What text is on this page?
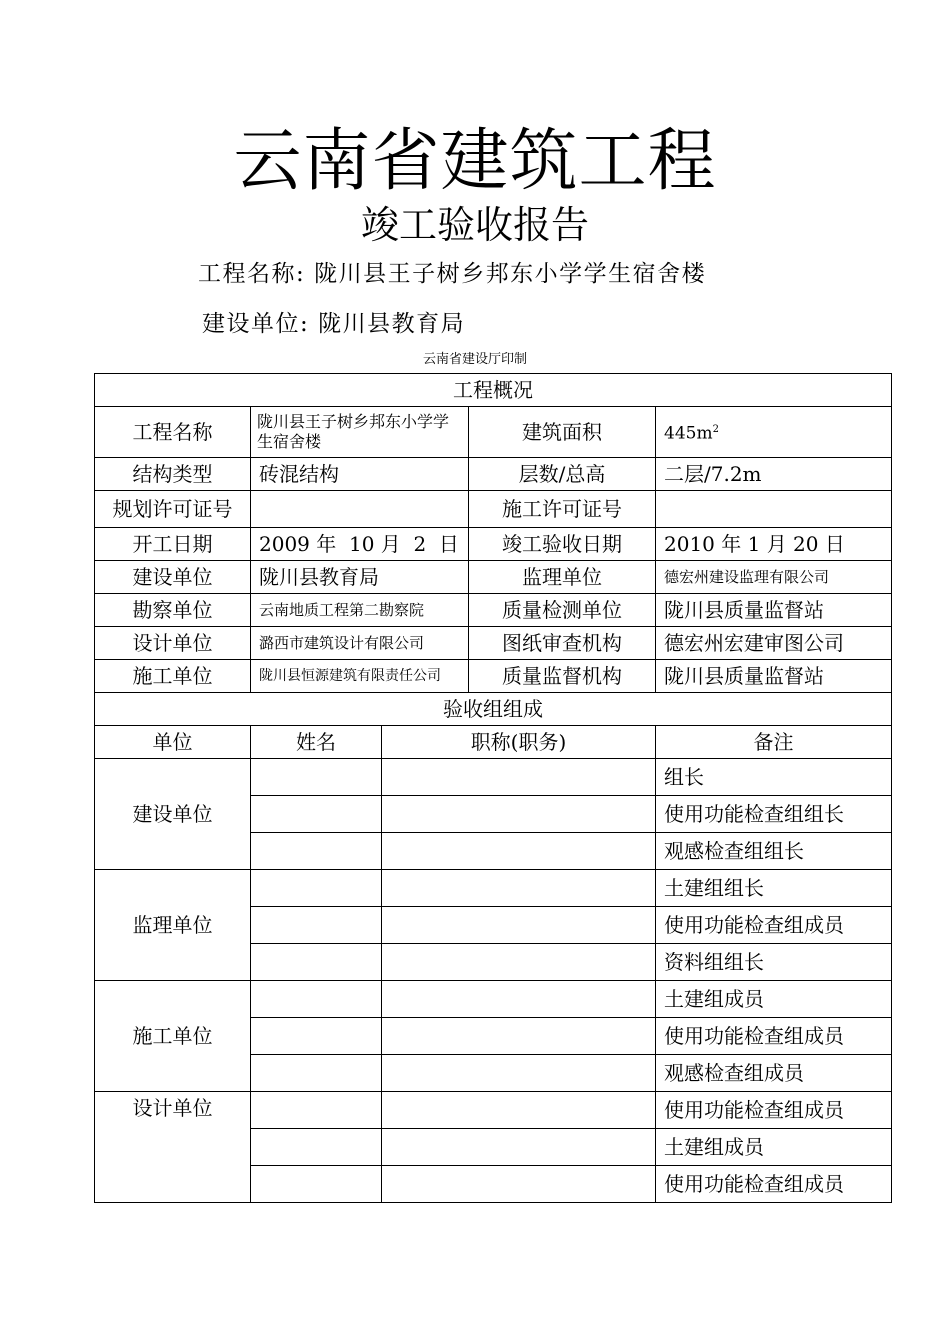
云南省建筑工程
竣工验收报告
工程名称: 陇川县王子树乡邦东小学学生宿舍楼
建设单位: 陇川县教育局
云南省建设厅印制
工程概况				
工程名称	陇川县王子树乡邦东小学学生宿舍楼		建筑面积	$445m^2$
结构类型	砖混结构		层数/总高	二层/7.2m
规划许可证号			施工许可证号	
开工日期	2009 年  10 月  2  日		竣工验收日期	2010 年 1 月 20 日
建设单位	陇川县教育局		监理单位	德宏州建设监理有限公司
勘察单位	云南地质工程第二勘察院		质量检测单位	陇川县质量监督站
设计单位	潞西市建筑设计有限公司		图纸审查机构	德宏州宏建审图公司
施工单位	陇川县恒源建筑有限责任公司		质量监督机构	陇川县质量监督站
验收组组成				
单位	姓名	职称(职务)		备注
建设单位				组长
				使用功能检查组组长
				观感检查组组长
监理单位				土建组组长
				使用功能检查组成员
				资料组组长
施工单位				土建组成员
				使用功能检查组成员
				观感检查组成员
设计单位				使用功能检查组成员
				土建组成员
				使用功能检查组成员
